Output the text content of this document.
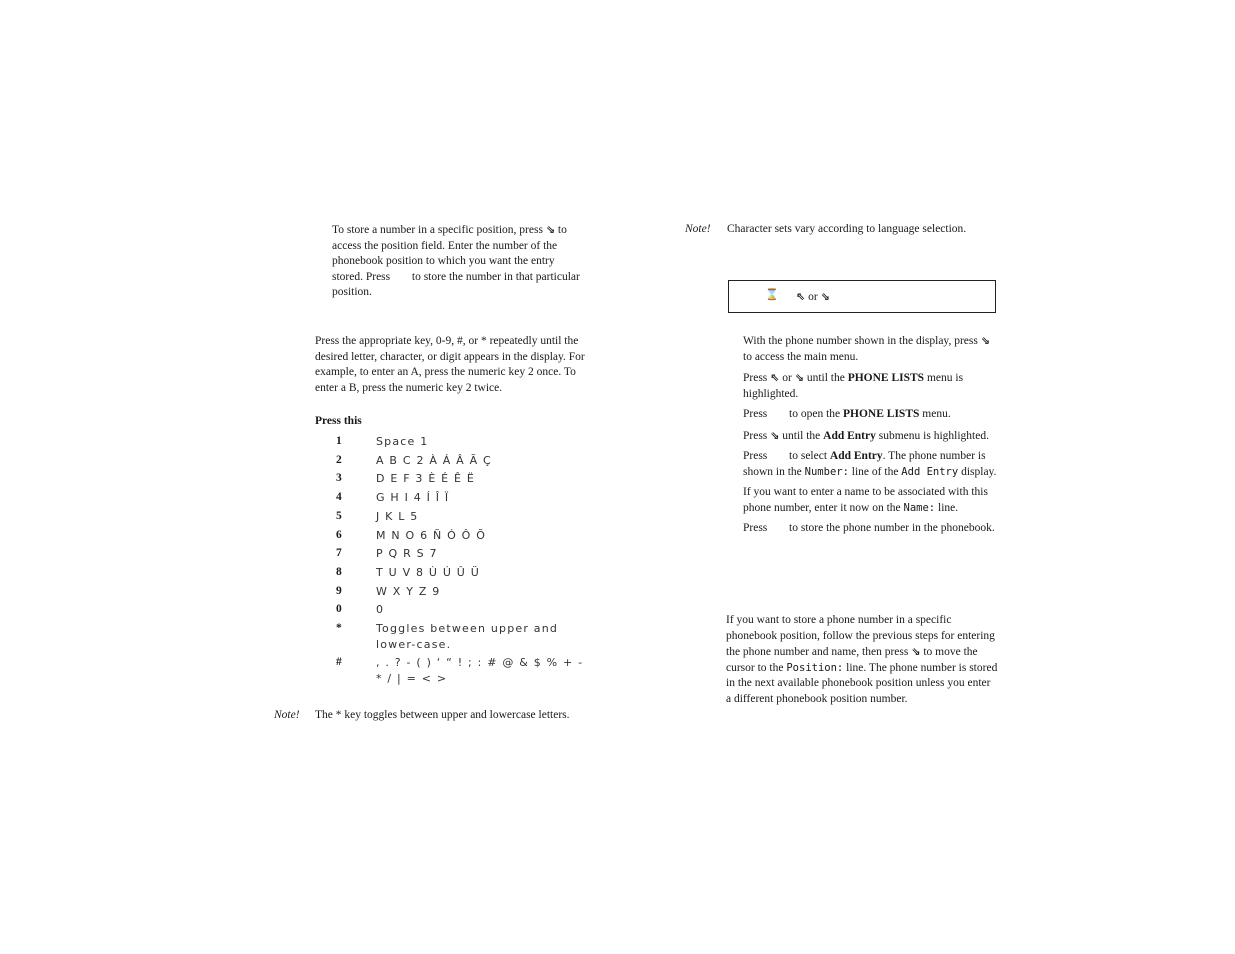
To store a number in a specific position, press ⇘ to access the position field. Enter the number of the phonebook position to which you want the entry stored. Press to store the number in that particular position.
Press the appropriate key, 0-9, #, or * repeatedly until the desired letter, character, or digit appears in the display. For example, to enter an A, press the numeric key 2 once. To enter a B, press the numeric key 2 twice.
Press this
1	Space 1
2	A B C 2 À Á Â Ã Ç
3	D E F 3 È É Ê Ë
4	G H I 4 Í Î Ï
5	J K L 5
6	M N O 6 Ñ Ó Ô Õ
7	P Q R S 7
8	T U V 8 Ù Ú Û Ü
9	W X Y Z 9
0	0
*	Toggles between upper and lower-case.
#	, . ? - ( ) ‘ “ ! ; : # @ & $ % + - * / | = < >
Note! The * key toggles between upper and lowercase letters.
Note! Character sets vary according to language selection.
⌛ ⇖ or ⇘

With the phone number shown in the display, press ⇘ to access the main menu.

Press ⇖ or ⇘ until the PHONE LISTS menu is highlighted.

Press to open the PHONE LISTS menu.

Press ⇘ until the Add Entry submenu is highlighted.

Press to select Add Entry. The phone number is shown in the Number: line of the Add Entry display.

If you want to enter a name to be associated with this phone number, enter it now on the Name: line.

Press to store the phone number in the phonebook.

If you want to store a phone number in a specific phonebook position, follow the previous steps for entering the phone number and name, then press ⇘ to move the cursor to the Position: line. The phone number is stored in the next available phonebook position unless you enter a different phonebook position number.
